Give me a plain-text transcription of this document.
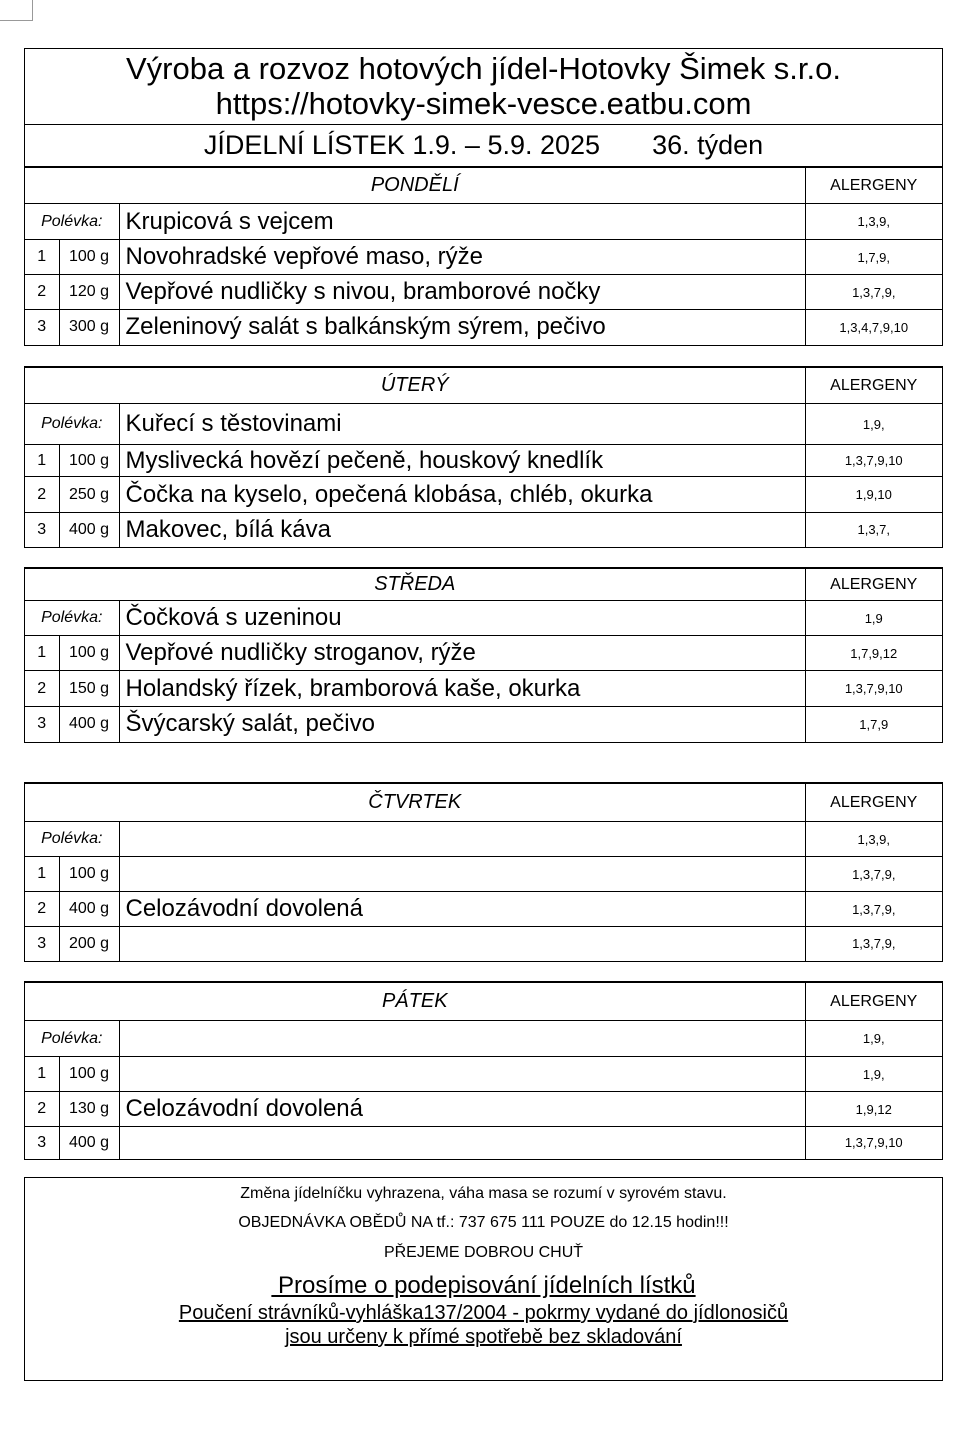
Výroba a rozvoz hotových jídel-Hotovky Šimek s.r.o.
https://hotovky-simek-vesce.eatbu.com
JÍDELNÍ LÍSTEK 1.9. – 5.9. 2025 36. týden
PONDĚLÍ			ALERGENY
Polévka:		Krupicová s vejcem	1,3,9,
1	100 g	Novohradské vepřové maso, rýže	1,7,9,
2	120 g	Vepřové nudličky s nivou, bramborové nočky	1,3,7,9,
3	300 g	Zeleninový salát s balkánským sýrem, pečivo	1,3,4,7,9,10
ÚTERÝ			ALERGENY
Polévka:		Kuřecí s těstovinami	1,9,
1	100 g	Myslivecká hovězí pečeně, houskový knedlík	1,3,7,9,10
2	250 g	Čočka na kyselo, opečená klobása, chléb, okurka	1,9,10
3	400 g	Makovec, bílá káva	1,3,7,
STŘEDA			ALERGENY
Polévka:		Čočková s uzeninou	1,9
1	100 g	Vepřové nudličky stroganov, rýže	1,7,9,12
2	150 g	Holandský řízek, bramborová kaše, okurka	1,3,7,9,10
3	400 g	Švýcarský salát, pečivo	1,7,9
ČTVRTEK			ALERGENY
Polévka:			1,3,9,
1	100 g		1,3,7,9,
2	400 g	Celozávodní dovolená	1,3,7,9,
3	200 g		1,3,7,9,
PÁTEK			ALERGENY
Polévka:			1,9,
1	100 g		1,9,
2	130 g	Celozávodní dovolená	1,9,12
3	400 g		1,3,7,9,10
Změna jídelníčku vyhrazena, váha masa se rozumí v syrovém stavu.
OBJEDNÁVKA OBĚDŮ NA tf.: 737 675 111 POUZE do 12.15 hodin!!!
PŘEJEME DOBROU CHUŤ
Prosíme o podepisování jídelních lístků
Poučení strávníků-vyhláška137/2004 - pokrmy vydané do jídlonosičů
jsou určeny k přímé spotřebě bez skladování
